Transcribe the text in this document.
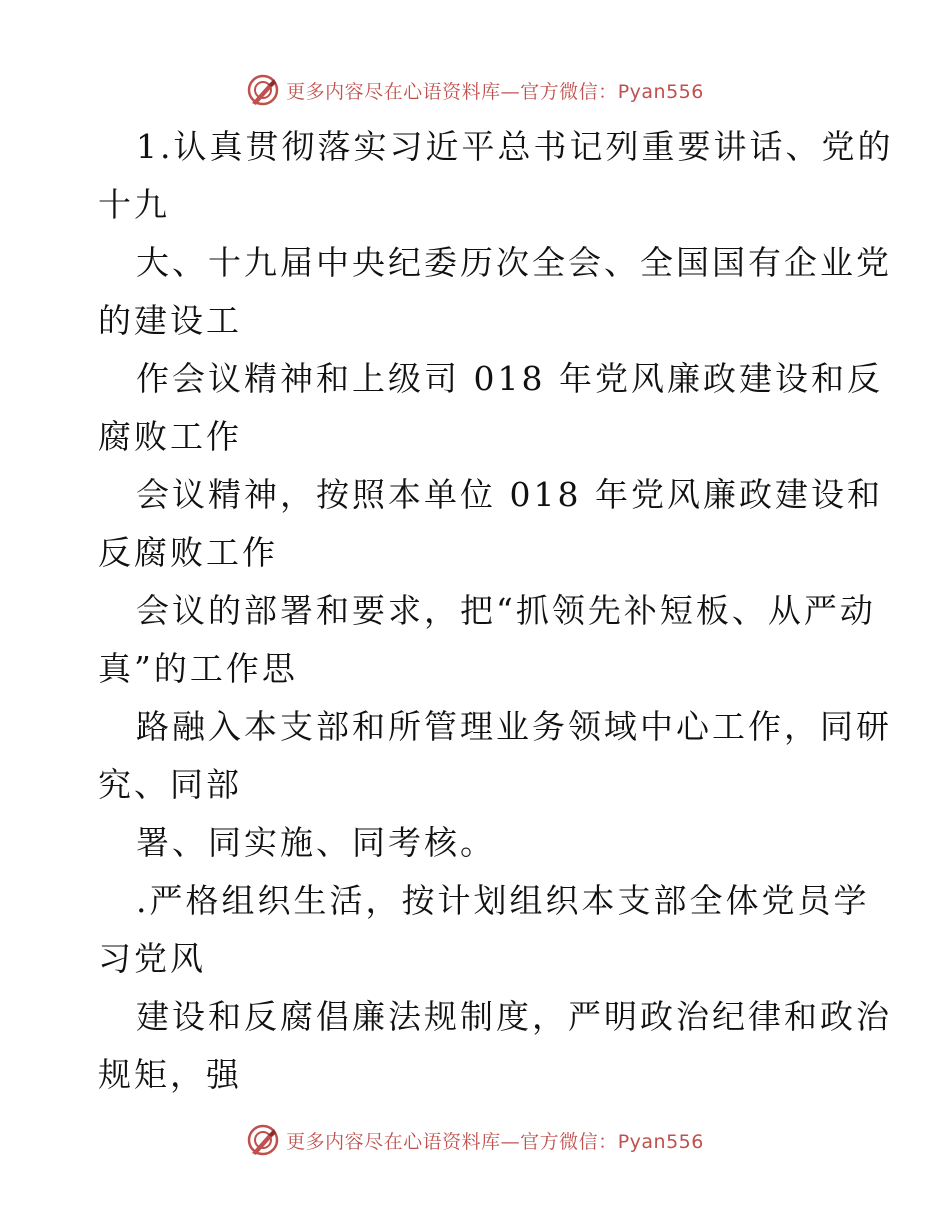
更多内容尽在心语资料库—官方微信：Pyan556
1.认真贯彻落实习近平总书记列重要讲话、党的
十九
大、十九届中央纪委历次全会、全国国有企业党
的建设工
作会议精神和上级司 018 年党风廉政建设和反
腐败工作
会议精神，按照本单位 018 年党风廉政建设和
反腐败工作
会议的部署和要求，把“抓领先补短板、从严动
真”的工作思
路融入本支部和所管理业务领域中心工作，同研
究、同部
署、同实施、同考核。
.严格组织生活，按计划组织本支部全体党员学
习党风
建设和反腐倡廉法规制度，严明政治纪律和政治
规矩，强
更多内容尽在心语资料库—官方微信：Pyan556
